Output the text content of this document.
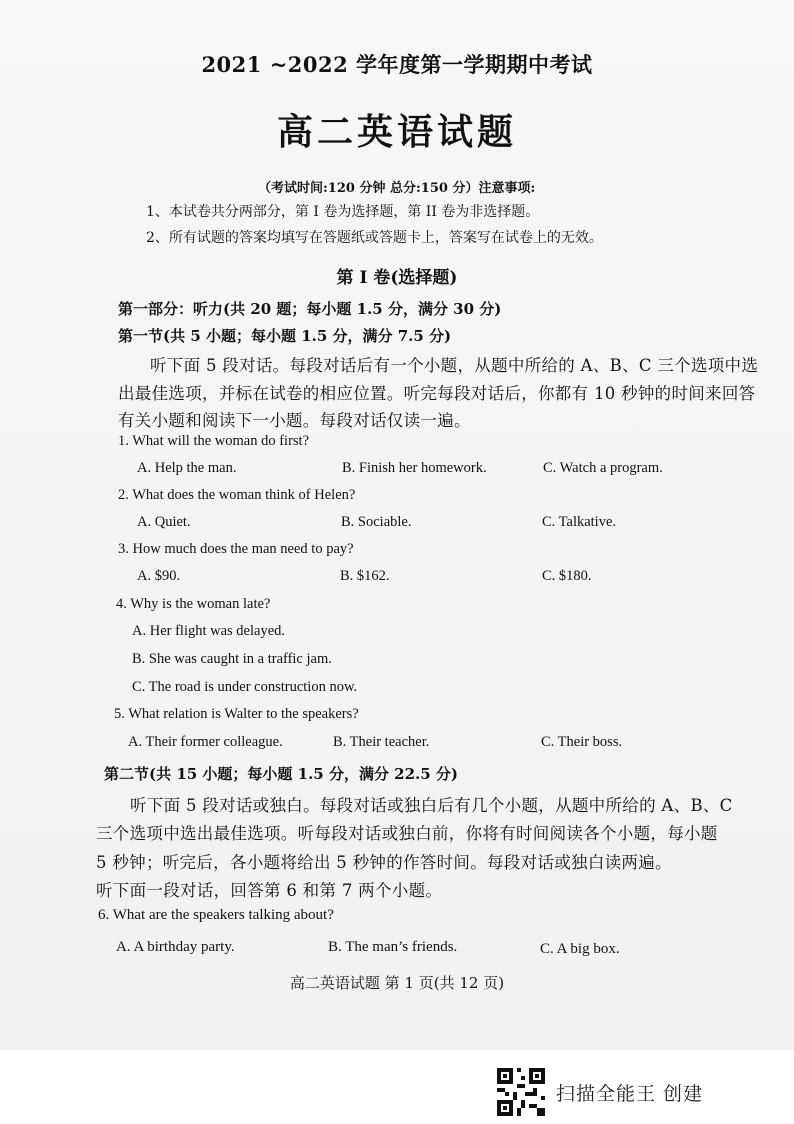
2021 ~2022 学年度第一学期期中考试
高二英语试题
（考试时间:120 分钟 总分:150 分）注意事项:
1、本试卷共分两部分，第 I 卷为选择题，第 II 卷为非选择题。
2、所有试题的答案均填写在答题纸或答题卡上，答案写在试卷上的无效。
第 I 卷(选择题)
第一部分：听力(共 20 题；每小题 1.5 分，满分 30 分)
第一节(共 5 小题；每小题 1.5 分，满分 7.5 分)
听下面 5 段对话。每段对话后有一个小题，从题中所给的 A、B、C 三个选项中选
出最佳选项，并标在试卷的相应位置。听完每段对话后，你都有 10 秒钟的时间来回答
有关小题和阅读下一小题。每段对话仅读一遍。
1. What will the woman do first?
A. Help the man.	B. Finish her homework.	C. Watch a program.
2. What does the woman think of Helen?
A. Quiet.	B. Sociable.	C. Talkative.
3. How much does the man need to pay?
A. $90.	B. $162.	C. $180.
4. Why is the woman late?
A. Her flight was delayed.
B. She was caught in a traffic jam.
C. The road is under construction now.
5. What relation is Walter to the speakers?
A. Their former colleague.	B. Their teacher.	C. Their boss.
第二节(共 15 小题；每小题 1.5 分，满分 22.5 分)
听下面 5 段对话或独白。每段对话或独白后有几个小题，从题中所给的 A、B、C
三个选项中选出最佳选项。听每段对话或独白前，你将有时间阅读各个小题，每小题
5 秒钟；听完后，各小题将给出 5 秒钟的作答时间。每段对话或独白读两遍。
听下面一段对话，回答第 6 和第 7 两个小题。
6. What are the speakers talking about?
A. A birthday party.	B. The man’s friends.	C. A big box.
高二英语试题 第 1 页(共 12 页)
扫描全能王 创建
